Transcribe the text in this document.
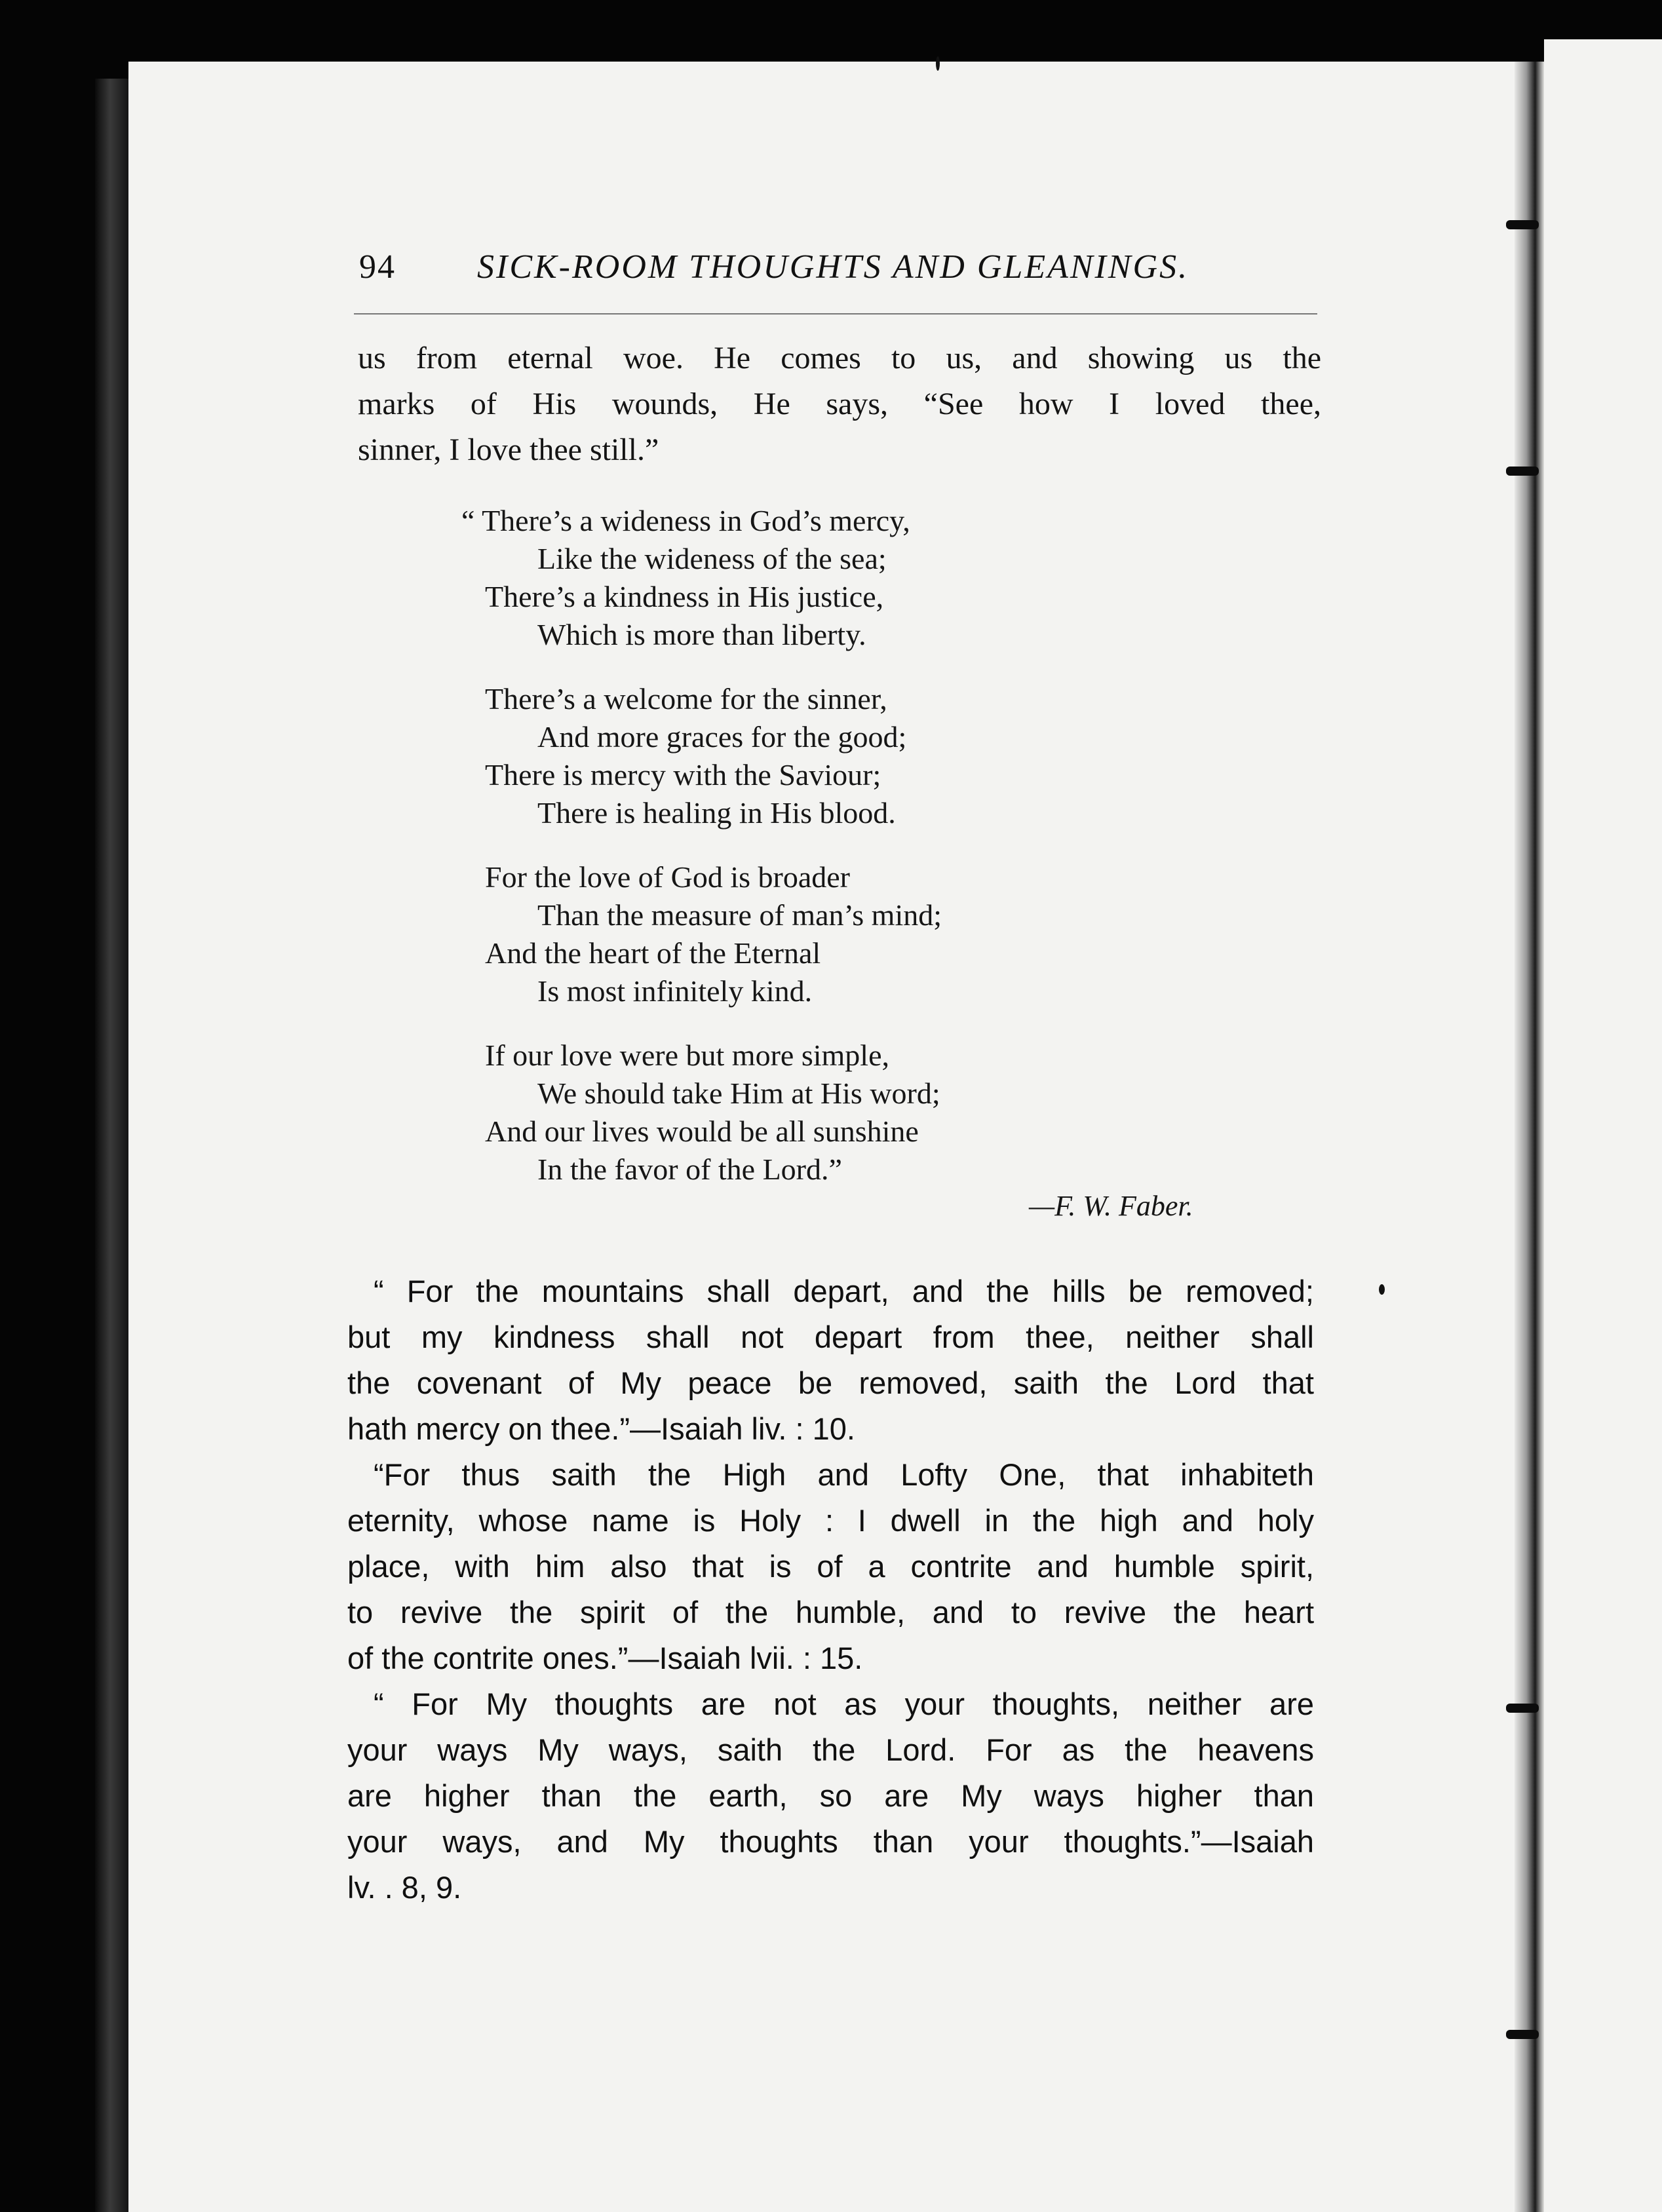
94 SICK-ROOM THOUGHTS AND GLEANINGS.
us from eternal woe. He comes to us, and showing us the
marks of His wounds, He says, “See how I loved thee,
sinner, I love thee still.”
“ There’s a wideness in God’s mercy,
Like the wideness of the sea;
There’s a kindness in His justice,
Which is more than liberty.
There’s a welcome for the sinner,
And more graces for the good;
There is mercy with the Saviour;
There is healing in His blood.
For the love of God is broader
Than the measure of man’s mind;
And the heart of the Eternal
Is most infinitely kind.
If our love were but more simple,
We should take Him at His word;
And our lives would be all sunshine
In the favor of the Lord.”
—F. W. Faber.
“ For the mountains shall depart, and the hills be removed;
but my kindness shall not depart from thee, neither shall
the covenant of My peace be removed, saith the Lord that
hath mercy on thee.”—Isaiah liv. : 10.
“For thus saith the High and Lofty One, that inhabiteth
eternity, whose name is Holy : I dwell in the high and holy
place, with him also that is of a contrite and humble spirit,
to revive the spirit of the humble, and to revive the heart
of the contrite ones.”—Isaiah lvii. : 15.
“ For My thoughts are not as your thoughts, neither are
your ways My ways, saith the Lord. For as the heavens
are higher than the earth, so are My ways higher than
your ways, and My thoughts than your thoughts.”—Isaiah
lv. . 8, 9.
